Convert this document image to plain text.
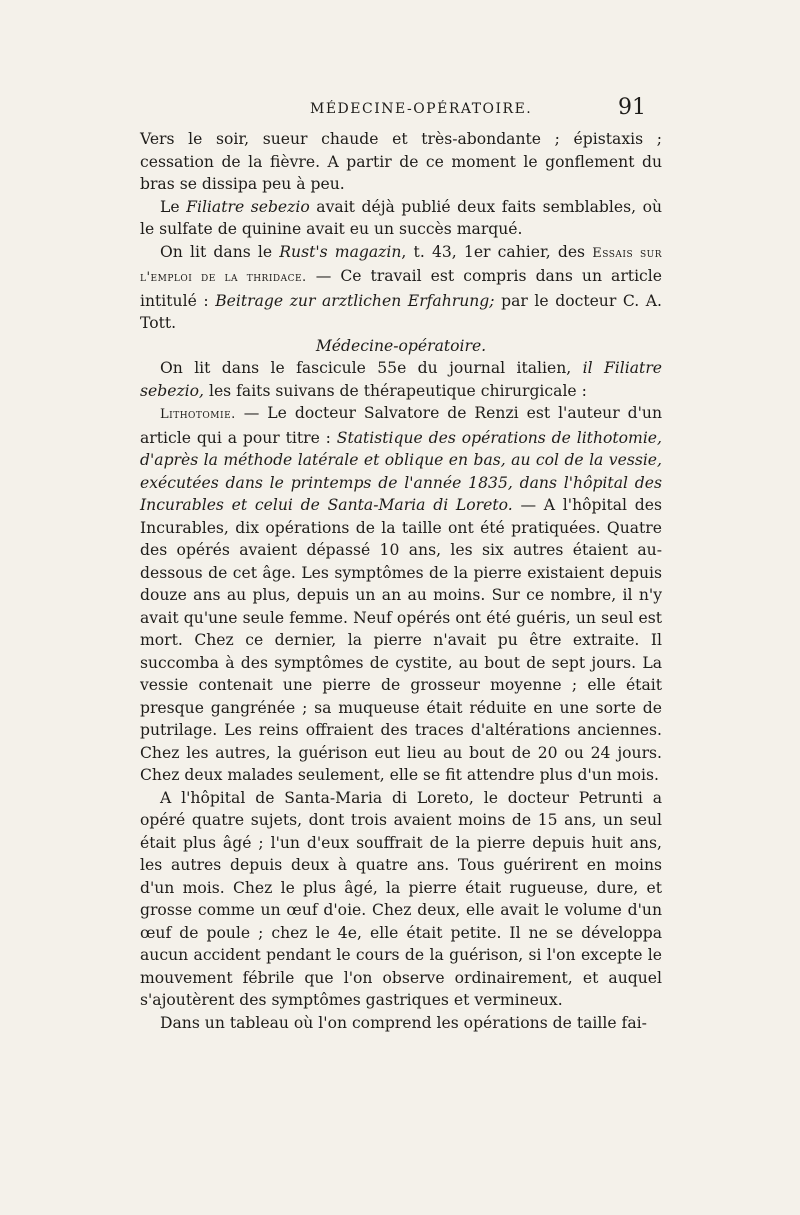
MÉDECINE-OPÉRATOIRE.	91

Vers le soir, sueur chaude et très-abondante ; épistaxis ; cessation de la fièvre. A partir de ce moment le gonflement du bras se dissipa peu à peu.

Le Filiatre sebezio avait déjà publié deux faits semblables, où le sulfate de quinine avait eu un succès marqué.

On lit dans le Rust's magazin, t. 43, 1er cahier, des Essais sur l'emploi de la thridace. — Ce travail est compris dans un article intitulé : Beitrage zur arztlichen Erfahrung; par le docteur C. A. Tott.

Médecine-opératoire.

On lit dans le fascicule 55e du journal italien, il Filiatre sebezio, les faits suivans de thérapeutique chirurgicale :

Lithotomie. — Le docteur Salvatore de Renzi est l'auteur d'un article qui a pour titre : Statistique des opérations de lithotomie, d'après la méthode latérale et oblique en bas, au col de la vessie, exécutées dans le printemps de l'année 1835, dans l'hôpital des Incurables et celui de Santa-Maria di Loreto. — A l'hôpital des Incurables, dix opérations de la taille ont été pratiquées. Quatre des opérés avaient dépassé 10 ans, les six autres étaient au-dessous de cet âge. Les symptômes de la pierre existaient depuis douze ans au plus, depuis un an au moins. Sur ce nombre, il n'y avait qu'une seule femme. Neuf opérés ont été guéris, un seul est mort. Chez ce dernier, la pierre n'avait pu être extraite. Il succomba à des symptômes de cystite, au bout de sept jours. La vessie contenait une pierre de grosseur moyenne ; elle était presque gangrénée ; sa muqueuse était réduite en une sorte de putrilage. Les reins offraient des traces d'altérations anciennes. Chez les autres, la guérison eut lieu au bout de 20 ou 24 jours. Chez deux malades seulement, elle se fit attendre plus d'un mois.

A l'hôpital de Santa-Maria di Loreto, le docteur Petrunti a opéré quatre sujets, dont trois avaient moins de 15 ans, un seul était plus âgé ; l'un d'eux souffrait de la pierre depuis huit ans, les autres depuis deux à quatre ans. Tous guérirent en moins d'un mois. Chez le plus âgé, la pierre était rugueuse, dure, et grosse comme un œuf d'oie. Chez deux, elle avait le volume d'un œuf de poule ; chez le 4e, elle était petite. Il ne se développa aucun accident pendant le cours de la guérison, si l'on excepte le mouvement fébrile que l'on observe ordinairement, et auquel s'ajoutèrent des symptômes gastriques et vermineux.

Dans un tableau où l'on comprend les opérations de taille fai-
